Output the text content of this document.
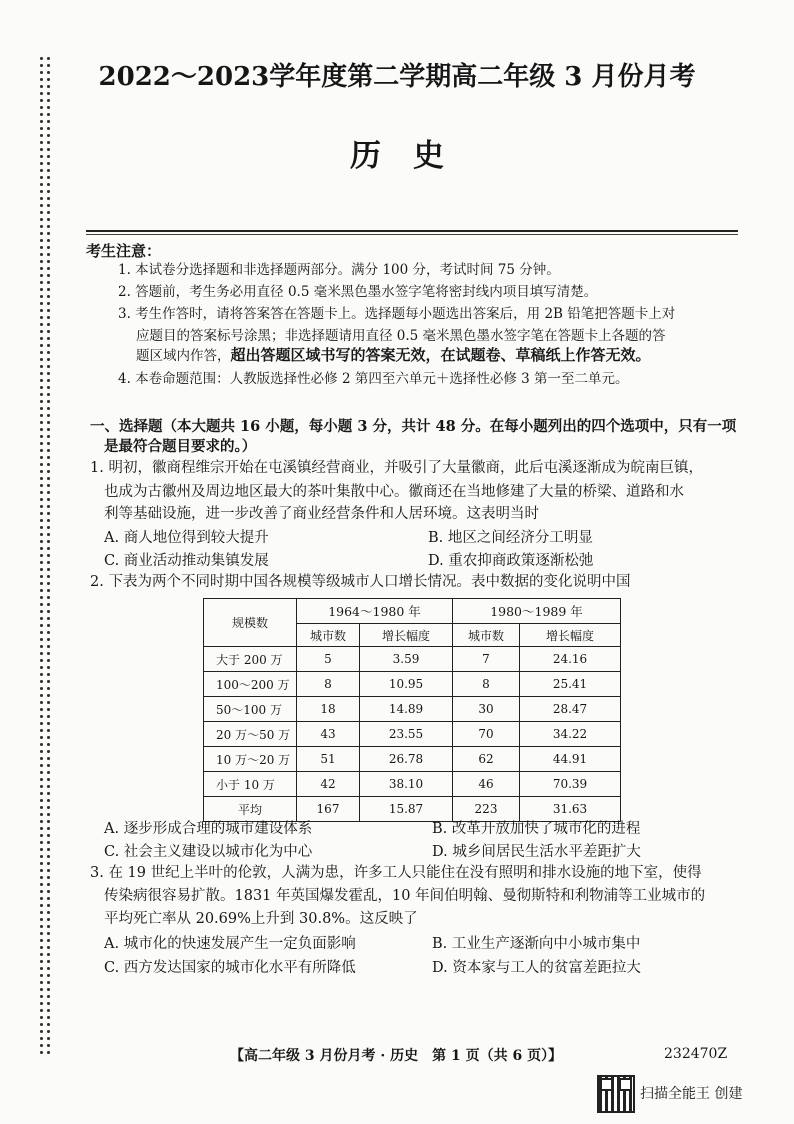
2022～2023学年度第二学期高二年级 3 月份月考
历史
考生注意：
1. 本试卷分选择题和非选择题两部分。满分 100 分，考试时间 75 分钟。
2. 答题前，考生务必用直径 0.5 毫米黑色墨水签字笔将密封线内项目填写清楚。
3. 考生作答时，请将答案答在答题卡上。选择题每小题选出答案后，用 2B 铅笔把答题卡上对
应题目的答案标号涂黑；非选择题请用直径 0.5 毫米黑色墨水签字笔在答题卡上各题的答
题区域内作答，超出答题区域书写的答案无效，在试题卷、草稿纸上作答无效。
4. 本卷命题范围：人教版选择性必修 2 第四至六单元＋选择性必修 3 第一至二单元。
一、选择题（本大题共 16 小题，每小题 3 分，共计 48 分。在每小题列出的四个选项中，只有一项
是最符合题目要求的。）
1. 明初，徽商程维宗开始在屯溪镇经营商业，并吸引了大量徽商，此后屯溪逐渐成为皖南巨镇，
也成为古徽州及周边地区最大的茶叶集散中心。徽商还在当地修建了大量的桥梁、道路和水
利等基础设施，进一步改善了商业经营条件和人居环境。这表明当时
A. 商人地位得到较大提升	B. 地区之间经济分工明显
C. 商业活动推动集镇发展	D. 重农抑商政策逐渐松弛
2. 下表为两个不同时期中国各规模等级城市人口增长情况。表中数据的变化说明中国
规模数	1964～1980 年		1980～1989 年	
	城市数	增长幅度	城市数	增长幅度
大于 200 万	5	3.59	7	24.16
100～200 万	8	10.95	8	25.41
50～100 万	18	14.89	30	28.47
20 万～50 万	43	23.55	70	34.22
10 万～20 万	51	26.78	62	44.91
小于 10 万	42	38.10	46	70.39
平均	167	15.87	223	31.63
A. 逐步形成合理的城市建设体系	B. 改革开放加快了城市化的进程
C. 社会主义建设以城市化为中心	D. 城乡间居民生活水平差距扩大
3. 在 19 世纪上半叶的伦敦，人满为患，许多工人只能住在没有照明和排水设施的地下室，使得
传染病很容易扩散。1831 年英国爆发霍乱，10 年间伯明翰、曼彻斯特和利物浦等工业城市的
平均死亡率从 20.69%上升到 30.8%。这反映了
A. 城市化的快速发展产生一定负面影响	B. 工业生产逐渐向中小城市集中
C. 西方发达国家的城市化水平有所降低	D. 资本家与工人的贫富差距拉大
【高二年级 3 月份月考 · 历史　第 1 页（共 6 页）】	232470Z
扫描全能王 创建
